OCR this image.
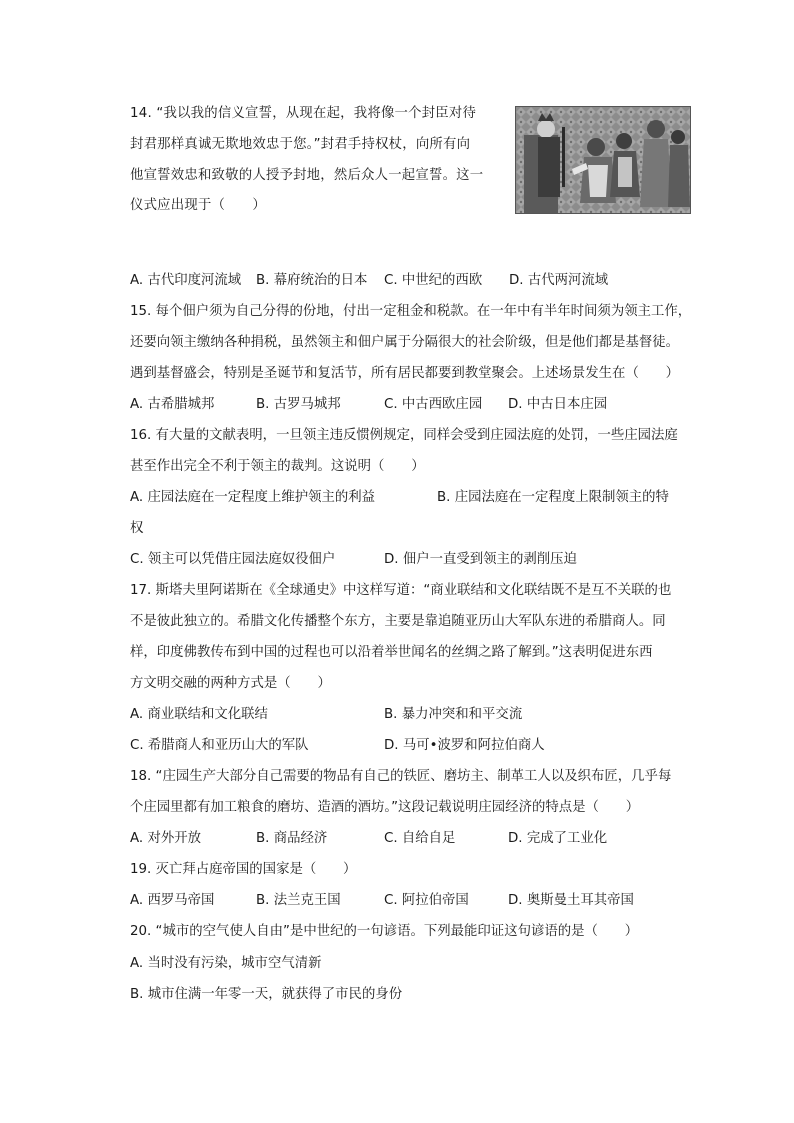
14. “我以我的信义宣誓，从现在起，我将像一个封臣对待
封君那样真诚无欺地效忠于您。”封君手持权杖，向所有向
他宣誓效忠和致敬的人授予封地，然后众人一起宣誓。这一
仪式应出现于（　　）
A. 古代印度河流域 B. 幕府统治的日本 C. 中世纪的西欧 D. 古代两河流域
15. 每个佃户须为自己分得的份地，付出一定租金和税款。在一年中有半年时间须为领主工作，
还要向领主缴纳各种捐税，虽然领主和佃户属于分隔很大的社会阶级，但是他们都是基督徒。
遇到基督盛会，特别是圣诞节和复活节，所有居民都要到教堂聚会。上述场景发生在（　　）
A. 古希腊城邦	B. 古罗马城邦	C. 中古西欧庄园 D. 中古日本庄园
16. 有大量的文献表明，一旦领主违反惯例规定，同样会受到庄园法庭的处罚，一些庄园法庭
甚至作出完全不利于领主的裁判。这说明（　　）
A. 庄园法庭在一定程度上维护领主的利益	B. 庄园法庭在一定程度上限制领主的特
权
C. 领主可以凭借庄园法庭奴役佃户	D. 佃户一直受到领主的剥削压迫
17. 斯塔夫里阿诺斯在《全球通史》中这样写道：“商业联结和文化联结既不是互不关联的也
不是彼此独立的。希腊文化传播整个东方，主要是靠追随亚历山大军队东进的希腊商人。同
样，印度佛教传布到中国的过程也可以沿着举世闻名的丝绸之路了解到。”这表明促进东西
方文明交融的两种方式是（　　）
A. 商业联结和文化联结	B. 暴力冲突和和平交流
C. 希腊商人和亚历山大的军队	D. 马可•波罗和阿拉伯商人
18. “庄园生产大部分自己需要的物品有自己的铁匠、磨坊主、制革工人以及织布匠，几乎每
个庄园里都有加工粮食的磨坊、造酒的酒坊。”这段记载说明庄园经济的特点是（　　）
A. 对外开放	B. 商品经济	C. 自给自足	D. 完成了工业化
19. 灭亡拜占庭帝国的国家是（　　）
A. 西罗马帝国	B. 法兰克王国	C. 阿拉伯帝国	D. 奥斯曼土耳其帝国
20. “城市的空气使人自由”是中世纪的一句谚语。下列最能印证这句谚语的是（　　）
A. 当时没有污染，城市空气清新
B. 城市住满一年零一天，就获得了市民的身份
